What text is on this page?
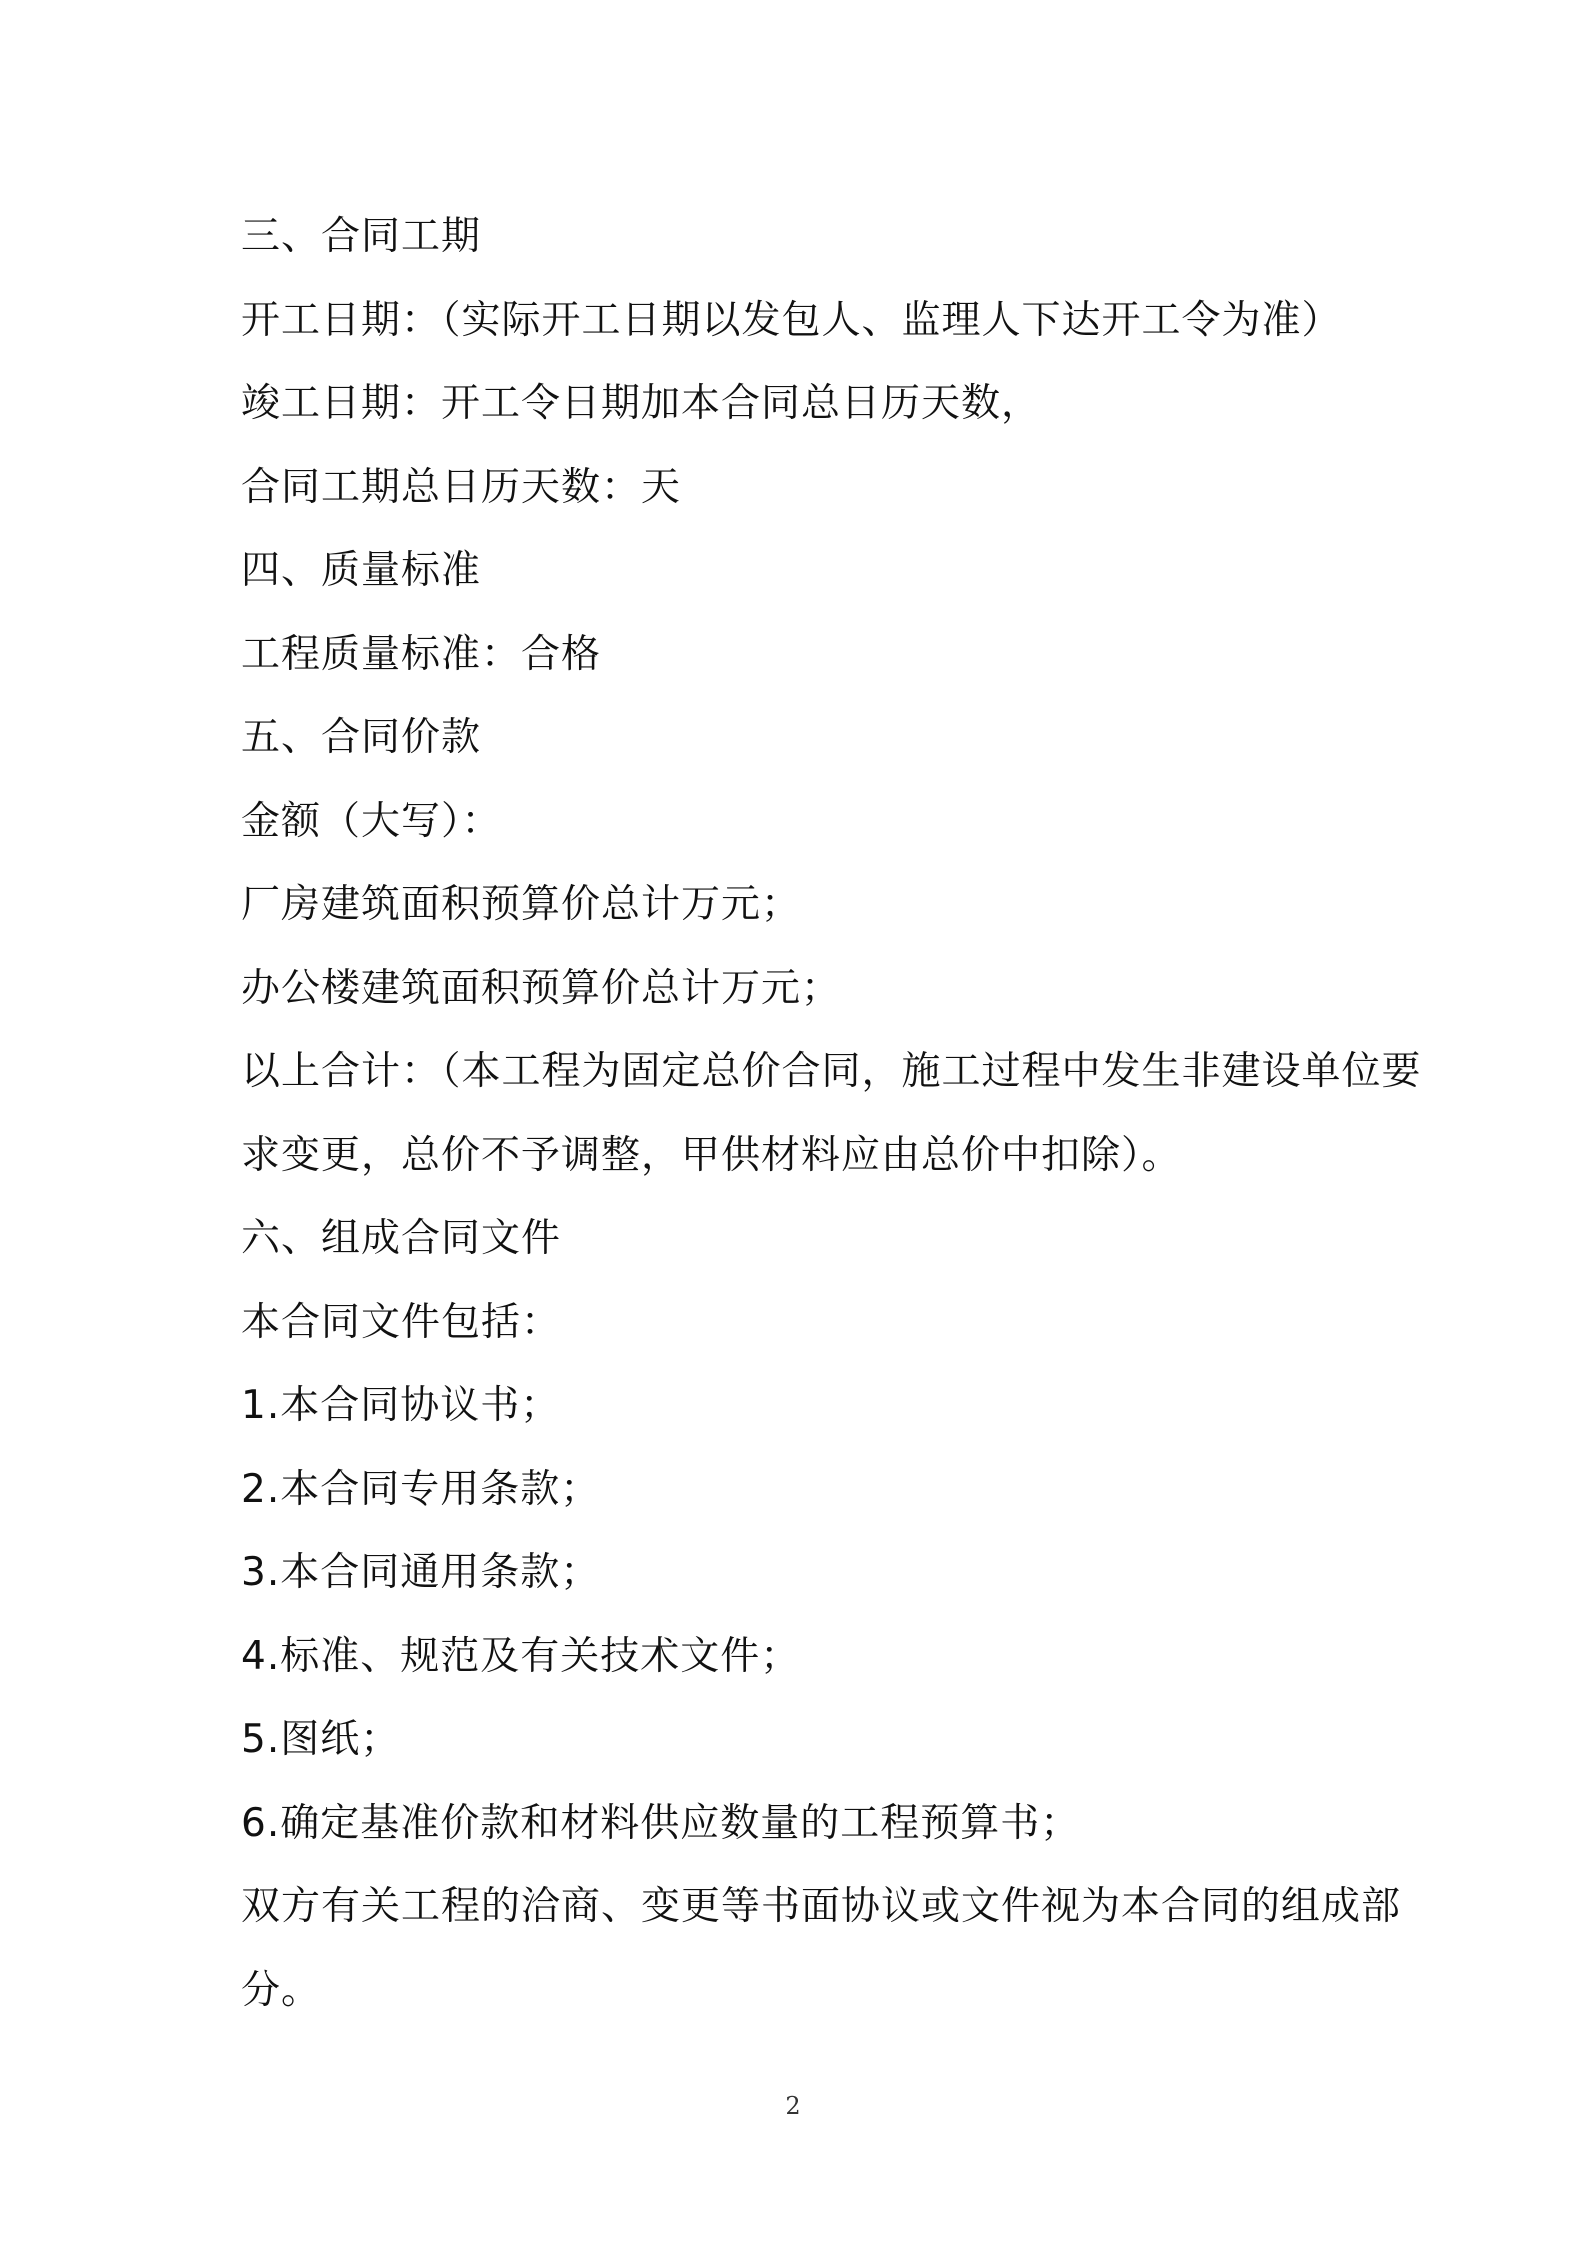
三、合同工期
开工日期：（实际开工日期以发包人、监理人下达开工令为准）
竣工日期：开工令日期加本合同总日历天数，
合同工期总日历天数：天
四、质量标准
工程质量标准：合格
五、合同价款
金额（大写）：
厂房建筑面积预算价总计万元；
办公楼建筑面积预算价总计万元；
以上合计：（本工程为固定总价合同，施工过程中发生非建设单位要
求变更，总价不予调整，甲供材料应由总价中扣除）。
六、组成合同文件
本合同文件包括：
1.本合同协议书；
2.本合同专用条款；
3.本合同通用条款；
4.标准、规范及有关技术文件；
5.图纸；
6.确定基准价款和材料供应数量的工程预算书；
双方有关工程的洽商、变更等书面协议或文件视为本合同的组成部
分。
2
